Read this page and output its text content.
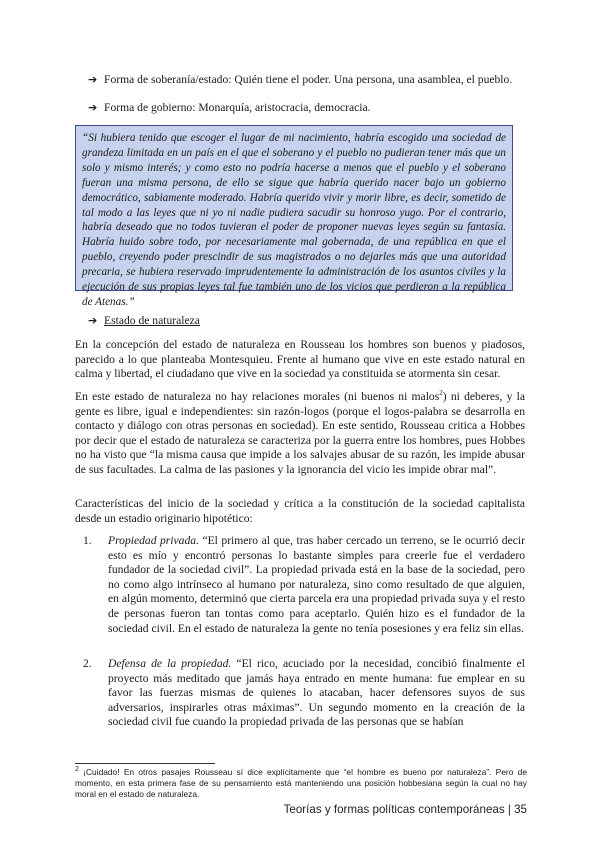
➔ Forma de soberanía/estado: Quién tiene el poder. Una persona, una asamblea, el pueblo.

➔ Forma de gobierno: Monarquía, aristocracia, democracia.

“Si hubiera tenido que escoger el lugar de mi nacimiento, habría escogido una sociedad de grandeza limitada en un país en el que el soberano y el pueblo no pudieran tener más que un solo y mismo interés; y como esto no podría hacerse a menos que el pueblo y el soberano fueran una misma persona, de ello se sigue que habría querido nacer bajo un gobierno democrático, sabiamente moderado. Habría querido vivir y morir libre, es decir, sometido de tal modo a las leyes que ni yo ni nadie pudiera sacudir su honroso yugo. Por el contrario, habría deseado que no todos tuvieran el poder de proponer nuevas leyes según su fantasía. Habría huido sobre todo, por necesariamente mal gobernada, de una república en que el pueblo, creyendo poder prescindir de sus magistrados o no dejarles más que una autoridad precaria, se hubiera reservado imprudentemente la administración de los asuntos civiles y la ejecución de sus propias leyes tal fue también uno de los vicios que perdieron a la república de Atenas.”

➔ Estado de naturaleza

En la concepción del estado de naturaleza en Rousseau los hombres son buenos y piadosos, parecido a lo que planteaba Montesquieu. Frente al humano que vive en este estado natural en calma y libertad, el ciudadano que vive en la sociedad ya constituida se atormenta sin cesar.

En este estado de naturaleza no hay relaciones morales (ni buenos ni malos$^2$) ni deberes, y la gente es libre, igual e independientes: sin razón-logos (porque el logos-palabra se desarrolla en contacto y diálogo con otras personas en sociedad). En este sentido, Rousseau critica a Hobbes por decir que el estado de naturaleza se caracteriza por la guerra entre los hombres, pues Hobbes no ha visto que “la misma causa que impide a los salvajes abusar de su razón, les impide abusar de sus facultades. La calma de las pasiones y la ignorancia del vicio les impide obrar mal”.

Características del inicio de la sociedad y crítica a la constitución de la sociedad capitalista desde un estadio originario hipotético:

1.	Propiedad privada. “El primero al que, tras haber cercado un terreno, se le ocurrió decir esto es mío y encontró personas lo bastante simples para creerle fue el verdadero fundador de la sociedad civil”. La propiedad privada está en la base de la sociedad, pero no como algo intrínseco al humano por naturaleza, sino como resultado de que alguien, en algún momento, determinó que cierta parcela era una propiedad privada suya y el resto de personas fueron tan tontas como para aceptarlo. Quién hizo es el fundador de la sociedad civil. En el estado de naturaleza la gente no tenía posesiones y era feliz sin ellas.
2.	Defensa de la propiedad. “El rico, acuciado por la necesidad, concibió finalmente el proyecto más meditado que jamás haya entrado en mente humana: fue emplear en su favor las fuerzas mismas de quienes lo atacaban, hacer defensores suyos de sus adversarios, inspirarles otras máximas”. Un segundo momento en la creación de la sociedad civil fue cuando la propiedad privada de las personas que se habían

$^2$ ¡Cuidado! En otros pasajes Rousseau sí dice explícitamente que “el hombre es bueno por naturaleza”. Pero de momento, en esta primera fase de su pensamiento está manteniendo una posición hobbesiana según la cual no hay moral en el estado de naturaleza.

Teorías y formas políticas contemporáneas | 35
